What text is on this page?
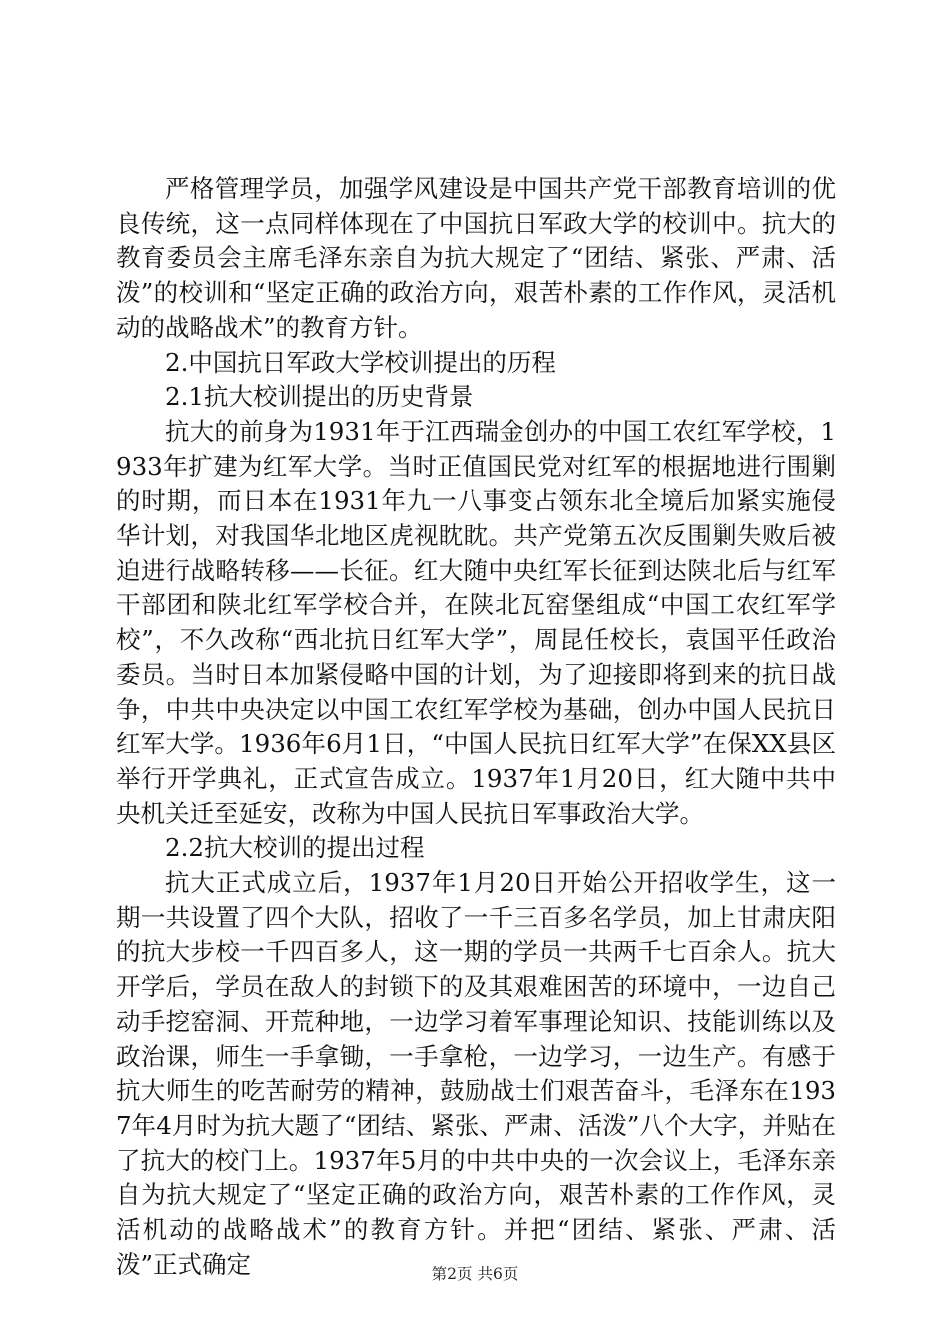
严格管理学员，加强学风建设是中国共产党干部教育培训的优良传统，这一点同样体现在了中国抗日军政大学的校训中。抗大的教育委员会主席毛泽东亲自为抗大规定了“团结、紧张、严肃、活泼”的校训和“坚定正确的政治方向，艰苦朴素的工作作风，灵活机动的战略战术”的教育方针。

2.中国抗日军政大学校训提出的历程

2.1抗大校训提出的历史背景

抗大的前身为1931年于江西瑞金创办的中国工农红军学校，1933年扩建为红军大学。当时正值国民党对红军的根据地进行围剿的时期，而日本在1931年九一八事变占领东北全境后加紧实施侵华计划，对我国华北地区虎视眈眈。共产党第五次反围剿失败后被迫进行战略转移——长征。红大随中央红军长征到达陕北后与红军干部团和陕北红军学校合并，在陕北瓦窑堡组成“中国工农红军学校”，不久改称“西北抗日红军大学”，周昆任校长，袁国平任政治委员。当时日本加紧侵略中国的计划，为了迎接即将到来的抗日战争，中共中央决定以中国工农红军学校为基础，创办中国人民抗日红军大学。1936年6月1日，“中国人民抗日红军大学”在保XX县区举行开学典礼，正式宣告成立。1937年1月20日，红大随中共中央机关迁至延安，改称为中国人民抗日军事政治大学。

2.2抗大校训的提出过程

抗大正式成立后，1937年1月20日开始公开招收学生，这一期一共设置了四个大队，招收了一千三百多名学员，加上甘肃庆阳的抗大步校一千四百多人，这一期的学员一共两千七百余人。抗大开学后，学员在敌人的封锁下的及其艰难困苦的环境中，一边自己动手挖窑洞、开荒种地，一边学习着军事理论知识、技能训练以及政治课，师生一手拿锄，一手拿枪，一边学习，一边生产。有感于抗大师生的吃苦耐劳的精神，鼓励战士们艰苦奋斗，毛泽东在1937年4月时为抗大题了“团结、紧张、严肃、活泼”八个大字，并贴在了抗大的校门上。1937年5月的中共中央的一次会议上，毛泽东亲自为抗大规定了“坚定正确的政治方向，艰苦朴素的工作作风，灵活机动的战略战术”的教育方针。并把“团结、紧张、严肃、活泼”正式确定	第2页 共6页
